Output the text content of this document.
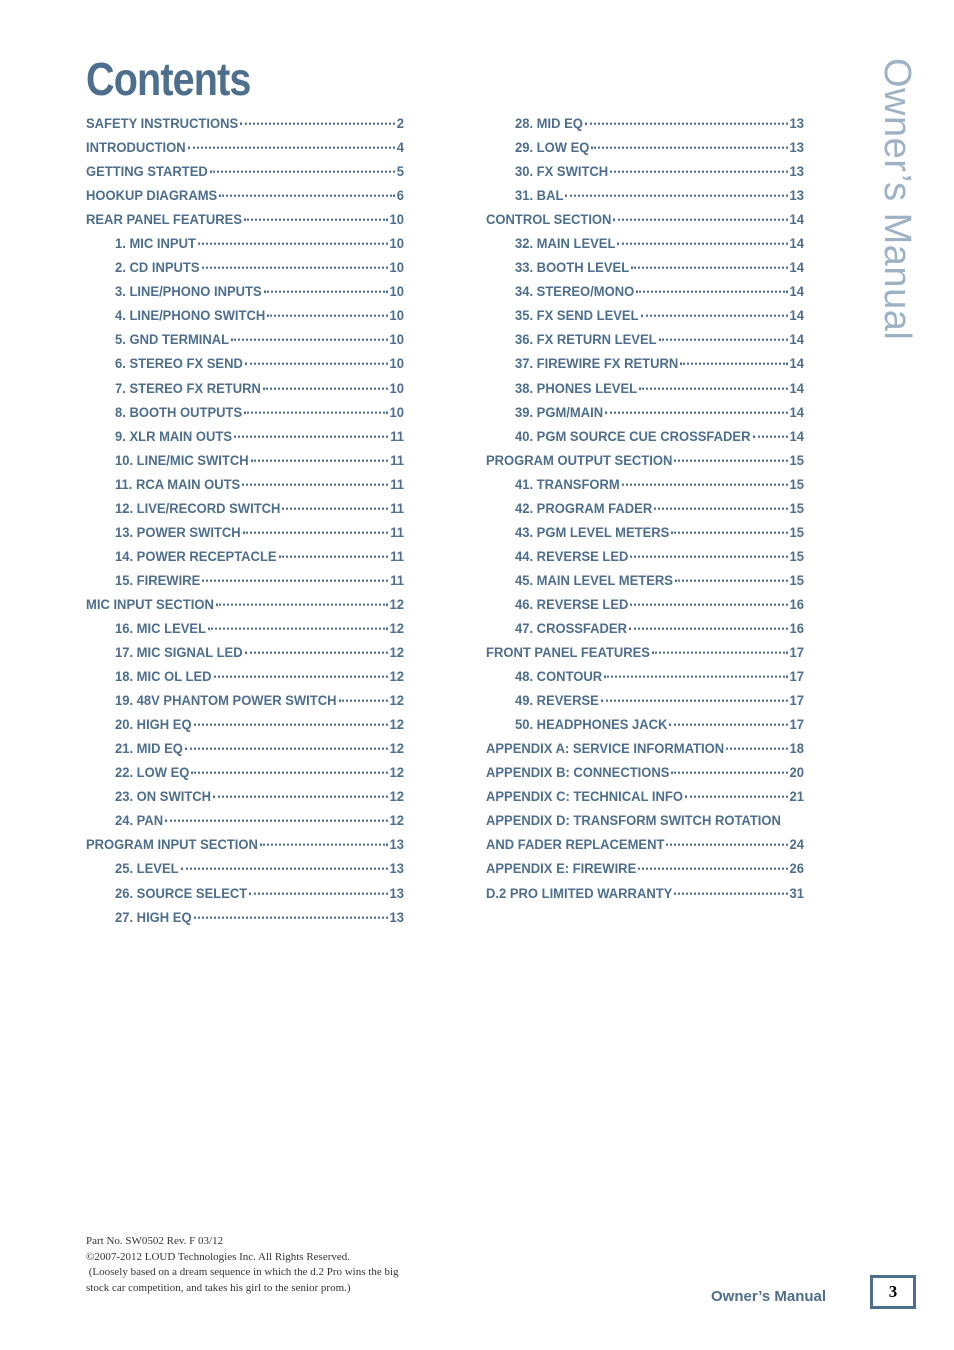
Contents
SAFETY INSTRUCTIONS	2
INTRODUCTION	4
GETTING STARTED	5
HOOKUP DIAGRAMS	6
REAR PANEL FEATURES	10
1. MIC INPUT	10
2. CD INPUTS	10
3. LINE/PHONO INPUTS	10
4. LINE/PHONO SWITCH	10
5. GND TERMINAL	10
6. STEREO FX SEND	10
7. STEREO FX RETURN	10
8. BOOTH OUTPUTS	10
9. XLR MAIN OUTS	11
10. LINE/MIC SWITCH	11
11. RCA MAIN OUTS	11
12. LIVE/RECORD SWITCH	11
13. POWER SWITCH	11
14. POWER RECEPTACLE	11
15. FIREWIRE	11
MIC INPUT SECTION	12
16. MIC LEVEL	12
17. MIC SIGNAL LED	12
18. MIC OL LED	12
19. 48V PHANTOM POWER SWITCH	12
20. HIGH EQ	12
21. MID EQ	12
22. LOW EQ	12
23. ON SWITCH	12
24. PAN	12
PROGRAM INPUT SECTION	13
25. LEVEL	13
26. SOURCE SELECT	13
27. HIGH EQ	13
28. MID EQ	13
29. LOW EQ	13
30. FX SWITCH	13
31. BAL	13
CONTROL SECTION	14
32. MAIN LEVEL	14
33. BOOTH LEVEL	14
34. STEREO/MONO	14
35. FX SEND LEVEL	14
36. FX RETURN LEVEL	14
37. FIREWIRE FX RETURN	14
38. PHONES LEVEL	14
39. PGM/MAIN	14
40. PGM SOURCE CUE CROSSFADER	14
PROGRAM OUTPUT SECTION	15
41. TRANSFORM	15
42. PROGRAM FADER	15
43. PGM LEVEL METERS	15
44. REVERSE LED	15
45. MAIN LEVEL METERS	15
46. REVERSE LED	16
47. CROSSFADER	16
FRONT PANEL FEATURES	17
48. CONTOUR	17
49. REVERSE	17
50. HEADPHONES JACK	17
APPENDIX A: SERVICE INFORMATION	18
APPENDIX B: CONNECTIONS	20
APPENDIX C: TECHNICAL INFO	21
APPENDIX D: TRANSFORM SWITCH ROTATION
AND FADER REPLACEMENT	24
APPENDIX E: FIREWIRE	26
D.2 PRO LIMITED WARRANTY	31
Owner’s Manual
Part No. SW0502 Rev. F 03/12
©2007-2012 LOUD Technologies Inc. All Rights Reserved.
(Loosely based on a dream sequence in which the d.2 Pro wins the big
stock car competition, and takes his girl to the senior prom.)
Owner’s Manual	3
